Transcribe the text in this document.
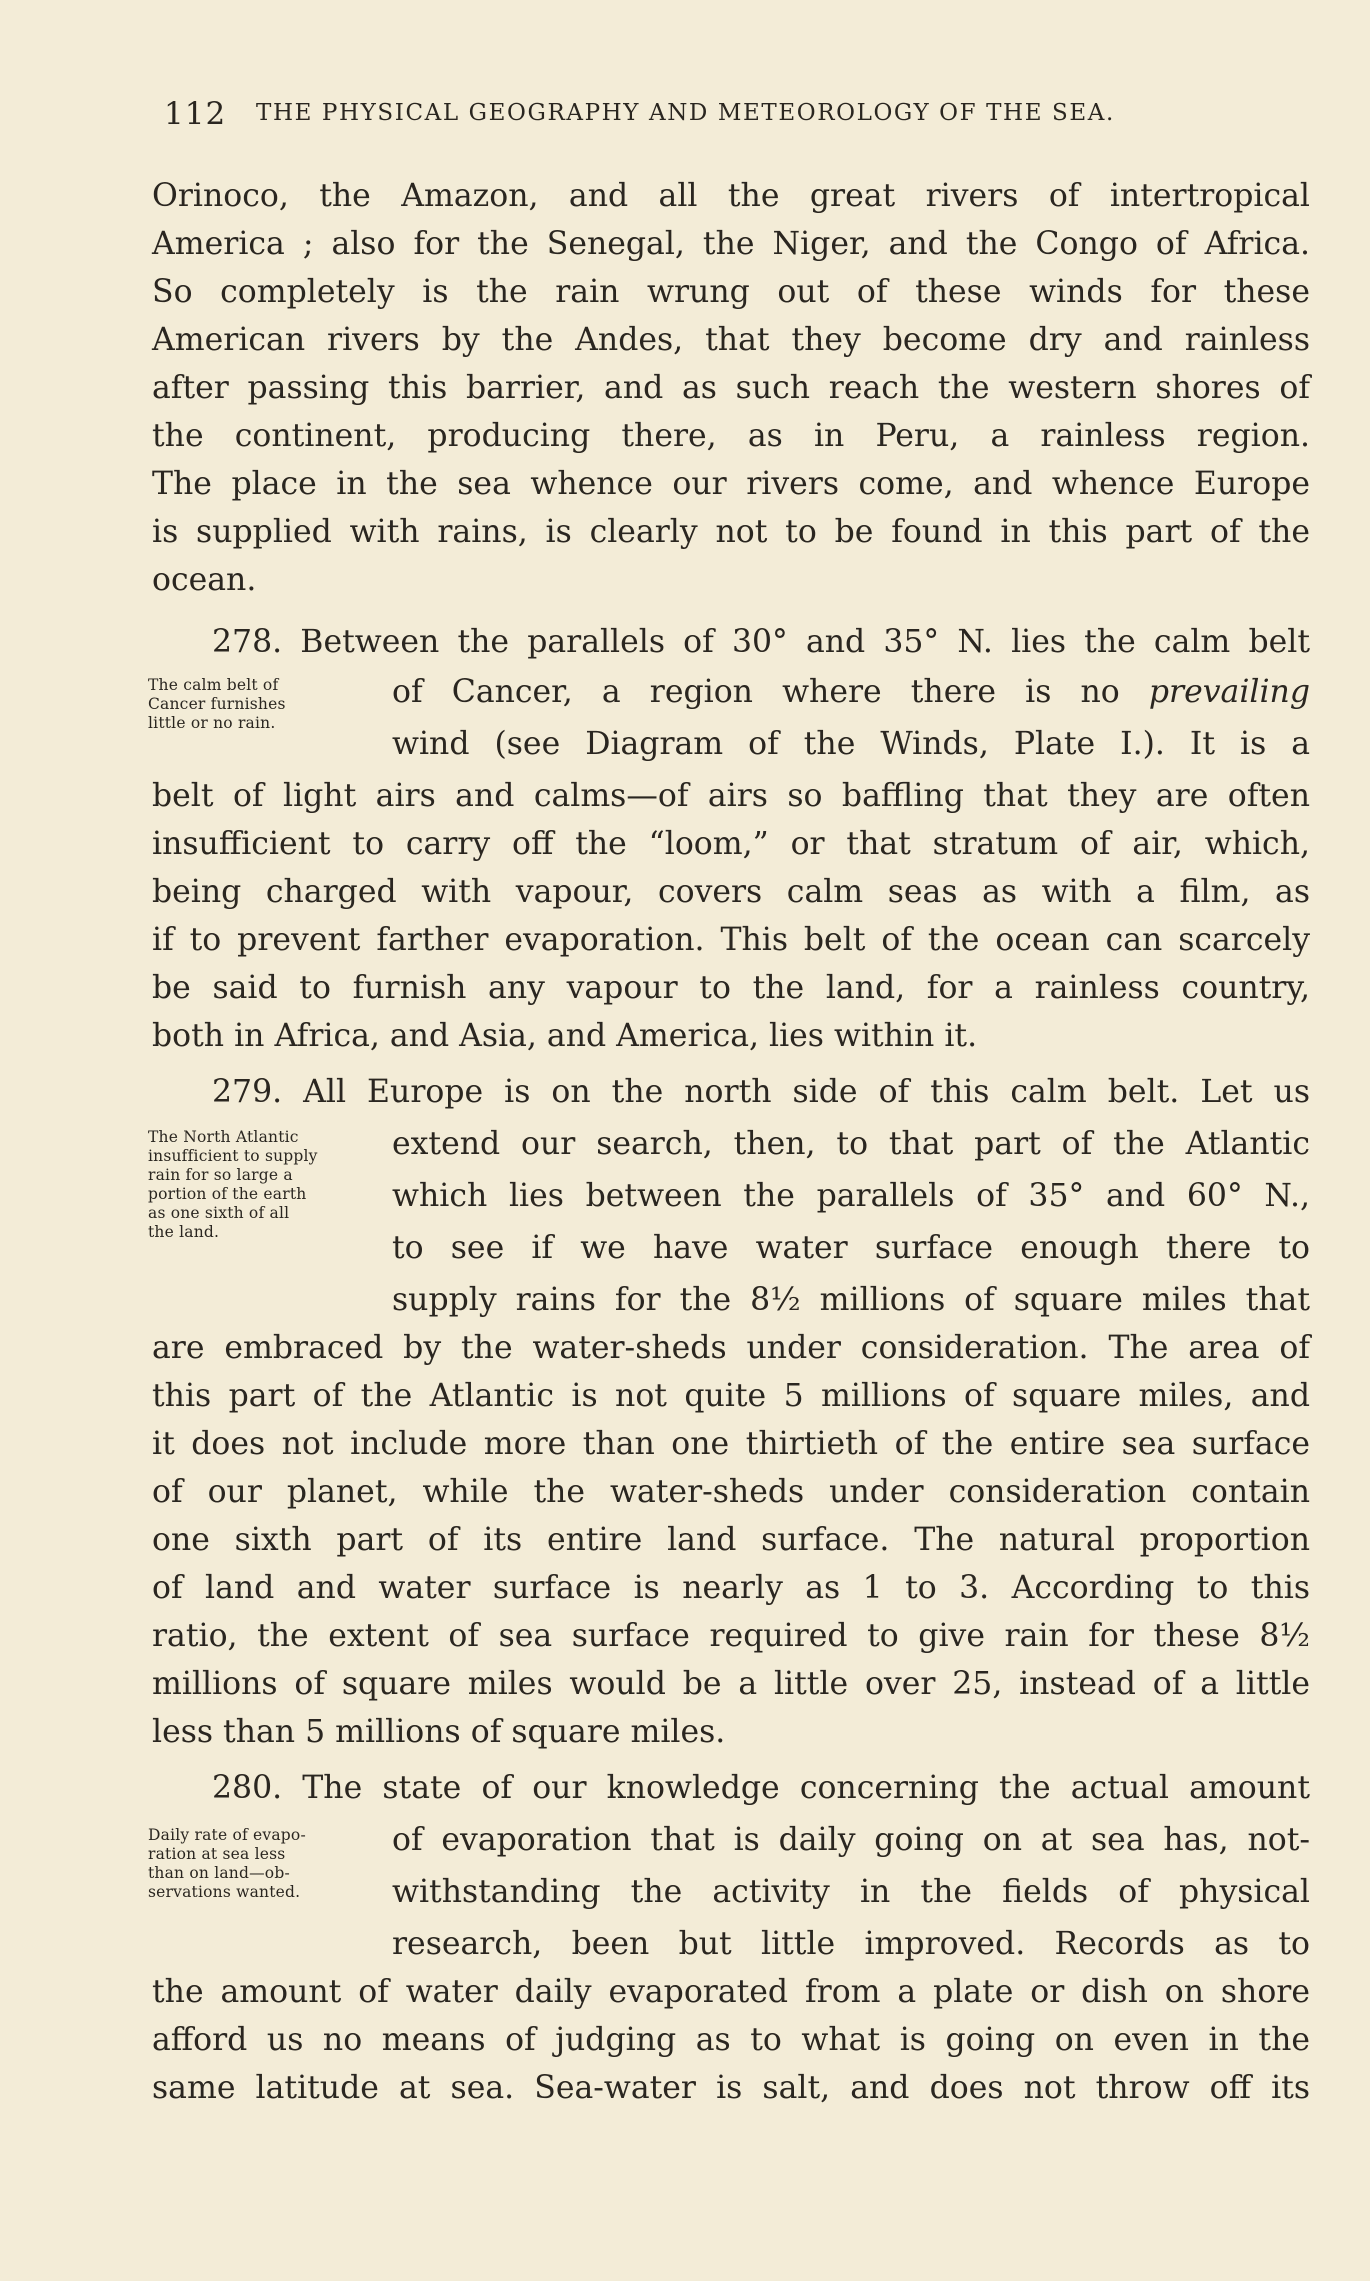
112 THE PHYSICAL GEOGRAPHY AND METEOROLOGY OF THE SEA.
Orinoco, the Amazon, and all the great rivers of intertropical
America ; also for the Senegal, the Niger, and the Congo of Africa.
So completely is the rain wrung out of these winds for these
American rivers by the Andes, that they become dry and rainless
after passing this barrier, and as such reach the western shores of
the continent, producing there, as in Peru, a rainless region.
The place in the sea whence our rivers come, and whence Europe
is supplied with rains, is clearly not to be found in this part of the
ocean.
278. Between the parallels of 30° and 35° N. lies the calm belt
The calm belt of
Cancer furnishes
little or no rain.
of Cancer, a region where there is no prevailing
wind (see Diagram of the Winds, Plate I.). It is a
belt of light airs and calms—of airs so baffling that they are often
insufficient to carry off the “loom,” or that stratum of air, which,
being charged with vapour, covers calm seas as with a film, as
if to prevent farther evaporation. This belt of the ocean can scarcely
be said to furnish any vapour to the land, for a rainless country,
both in Africa, and Asia, and America, lies within it.
279. All Europe is on the north side of this calm belt. Let us
The North Atlantic
insufficient to supply
rain for so large a
portion of the earth
as one sixth of all
the land.
extend our search, then, to that part of the Atlantic
which lies between the parallels of 35° and 60° N.,
to see if we have water surface enough there to
supply rains for the 8½ millions of square miles that
are embraced by the water-sheds under consideration. The area of
this part of the Atlantic is not quite 5 millions of square miles, and
it does not include more than one thirtieth of the entire sea surface
of our planet, while the water-sheds under consideration contain
one sixth part of its entire land surface. The natural proportion
of land and water surface is nearly as 1 to 3. According to this
ratio, the extent of sea surface required to give rain for these 8½
millions of square miles would be a little over 25, instead of a little
less than 5 millions of square miles.
280. The state of our knowledge concerning the actual amount
Daily rate of evapo-
ration at sea less
than on land—ob-
servations wanted.
of evaporation that is daily going on at sea has, not-
withstanding the activity in the fields of physical
research, been but little improved. Records as to
the amount of water daily evaporated from a plate or dish on shore
afford us no means of judging as to what is going on even in the
same latitude at sea. Sea-water is salt, and does not throw off its
